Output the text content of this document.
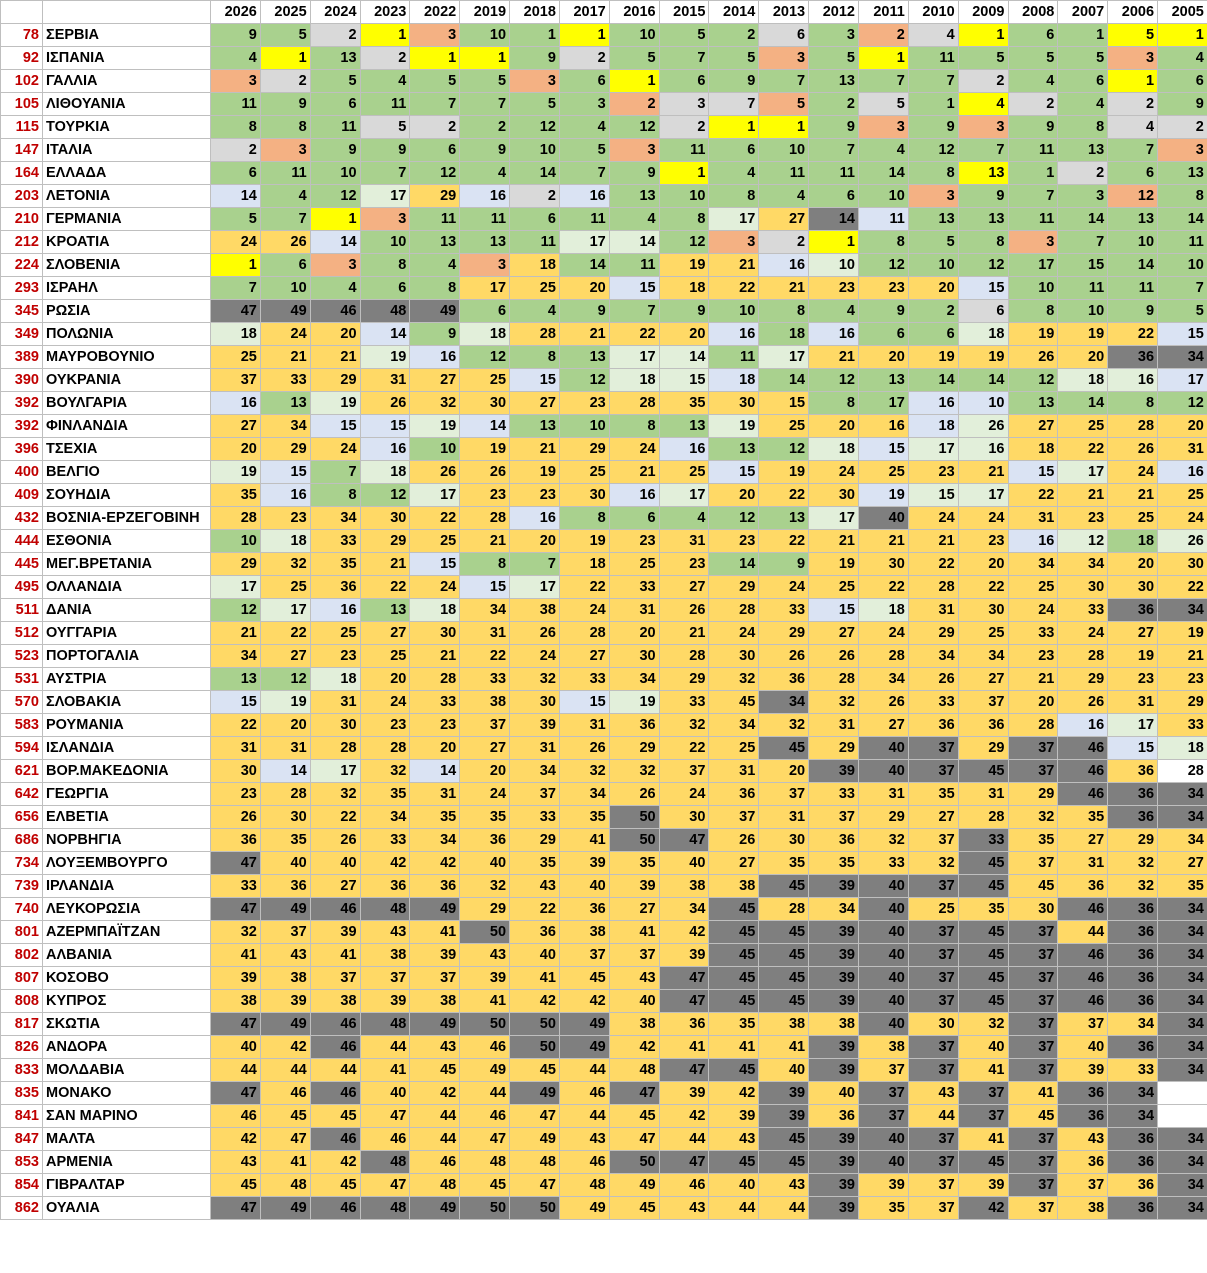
		2026	2025	2024	2023	2022	2019	2018	2017	2016	2015	2014	2013	2012	2011	2010	2009	2008	2007	2006	2005
78	ΣΕΡΒΙΑ	9	5	2	1	3	10	1	1	10	5	2	6	3	2	4	1	6	1	5	1
92	ΙΣΠΑΝΙΑ	4	1	13	2	1	1	9	2	5	7	5	3	5	1	11	5	5	5	3	4
102	ΓΑΛΛΙΑ	3	2	5	4	5	5	3	6	1	6	9	7	13	7	7	2	4	6	1	6
105	ΛΙΘΟΥΑΝΙΑ	11	9	6	11	7	7	5	3	2	3	7	5	2	5	1	4	2	4	2	9
115	ΤΟΥΡΚΙΑ	8	8	11	5	2	2	12	4	12	2	1	1	9	3	9	3	9	8	4	2
147	ΙΤΑΛΙΑ	2	3	9	9	6	9	10	5	3	11	6	10	7	4	12	7	11	13	7	3
164	ΕΛΛΑΔΑ	6	11	10	7	12	4	14	7	9	1	4	11	11	14	8	13	1	2	6	13
203	ΛΕΤΟΝΙΑ	14	4	12	17	29	16	2	16	13	10	8	4	6	10	3	9	7	3	12	8
210	ΓΕΡΜΑΝΙΑ	5	7	1	3	11	11	6	11	4	8	17	27	14	11	13	13	11	14	13	14
212	ΚΡΟΑΤΙΑ	24	26	14	10	13	13	11	17	14	12	3	2	1	8	5	8	3	7	10	11
224	ΣΛΟΒΕΝΙΑ	1	6	3	8	4	3	18	14	11	19	21	16	10	12	10	12	17	15	14	10
293	ΙΣΡΑΗΛ	7	10	4	6	8	17	25	20	15	18	22	21	23	23	20	15	10	11	11	7
345	ΡΩΣΙΑ	47	49	46	48	49	6	4	9	7	9	10	8	4	9	2	6	8	10	9	5
349	ΠΟΛΩΝΙΑ	18	24	20	14	9	18	28	21	22	20	16	18	16	6	6	18	19	19	22	15
389	ΜΑΥΡΟΒΟΥΝΙΟ	25	21	21	19	16	12	8	13	17	14	11	17	21	20	19	19	26	20	36	34
390	ΟΥΚΡΑΝΙΑ	37	33	29	31	27	25	15	12	18	15	18	14	12	13	14	14	12	18	16	17
392	ΒΟΥΛΓΑΡΙΑ	16	13	19	26	32	30	27	23	28	35	30	15	8	17	16	10	13	14	8	12
392	ΦΙΝΛΑΝΔΙΑ	27	34	15	15	19	14	13	10	8	13	19	25	20	16	18	26	27	25	28	20
396	ΤΣΕΧΙΑ	20	29	24	16	10	19	21	29	24	16	13	12	18	15	17	16	18	22	26	31
400	ΒΕΛΓΙΟ	19	15	7	18	26	26	19	25	21	25	15	19	24	25	23	21	15	17	24	16
409	ΣΟΥΗΔΙΑ	35	16	8	12	17	23	23	30	16	17	20	22	30	19	15	17	22	21	21	25
432	ΒΟΣΝΙΑ-ΕΡΖΕΓΟΒΙΝΗ	28	23	34	30	22	28	16	8	6	4	12	13	17	40	24	24	31	23	25	24
444	ΕΣΘΟΝΙΑ	10	18	33	29	25	21	20	19	23	31	23	22	21	21	21	23	16	12	18	26
445	ΜΕΓ.ΒΡΕΤΑΝΙΑ	29	32	35	21	15	8	7	18	25	23	14	9	19	30	22	20	34	34	20	30
495	ΟΛΛΑΝΔΙΑ	17	25	36	22	24	15	17	22	33	27	29	24	25	22	28	22	25	30	30	22
511	ΔΑΝΙΑ	12	17	16	13	18	34	38	24	31	26	28	33	15	18	31	30	24	33	36	34
512	ΟΥΓΓΑΡΙΑ	21	22	25	27	30	31	26	28	20	21	24	29	27	24	29	25	33	24	27	19
523	ΠΟΡΤΟΓΑΛΙΑ	34	27	23	25	21	22	24	27	30	28	30	26	26	28	34	34	23	28	19	21
531	ΑΥΣΤΡΙΑ	13	12	18	20	28	33	32	33	34	29	32	36	28	34	26	27	21	29	23	23
570	ΣΛΟΒΑΚΙΑ	15	19	31	24	33	38	30	15	19	33	45	34	32	26	33	37	20	26	31	29
583	ΡΟΥΜΑΝΙΑ	22	20	30	23	23	37	39	31	36	32	34	32	31	27	36	36	28	16	17	33
594	ΙΣΛΑΝΔΙΑ	31	31	28	28	20	27	31	26	29	22	25	45	29	40	37	29	37	46	15	18
621	ΒΟΡ.ΜΑΚΕΔΟΝΙΑ	30	14	17	32	14	20	34	32	32	37	31	20	39	40	37	45	37	46	36	28
642	ΓΕΩΡΓΙΑ	23	28	32	35	31	24	37	34	26	24	36	37	33	31	35	31	29	46	36	34
656	ΕΛΒΕΤΙΑ	26	30	22	34	35	35	33	35	50	30	37	31	37	29	27	28	32	35	36	34
686	ΝΟΡΒΗΓΙΑ	36	35	26	33	34	36	29	41	50	47	26	30	36	32	37	33	35	27	29	34
734	ΛΟΥΞΕΜΒΟΥΡΓΟ	47	40	40	42	42	40	35	39	35	40	27	35	35	33	32	45	37	31	32	27
739	ΙΡΛΑΝΔΙΑ	33	36	27	36	36	32	43	40	39	38	38	45	39	40	37	45	45	36	32	35
740	ΛΕΥΚΟΡΩΣΙΑ	47	49	46	48	49	29	22	36	27	34	45	28	34	40	25	35	30	46	36	34
801	ΑΖΕΡΜΠΑΪΤΖΑΝ	32	37	39	43	41	50	36	38	41	42	45	45	39	40	37	45	37	44	36	34
802	ΑΛΒΑΝΙΑ	41	43	41	38	39	43	40	37	37	39	45	45	39	40	37	45	37	46	36	34
807	ΚΟΣΟΒΟ	39	38	37	37	37	39	41	45	43	47	45	45	39	40	37	45	37	46	36	34
808	ΚΥΠΡΟΣ	38	39	38	39	38	41	42	42	40	47	45	45	39	40	37	45	37	46	36	34
817	ΣΚΩΤΙΑ	47	49	46	48	49	50	50	49	38	36	35	38	38	40	30	32	37	37	34	34
826	ΑΝΔΟΡΑ	40	42	46	44	43	46	50	49	42	41	41	41	39	38	37	40	37	40	36	34
833	ΜΟΛΔΑΒΙΑ	44	44	44	41	45	49	45	44	48	47	45	40	39	37	37	41	37	39	33	34
835	ΜΟΝΑΚΟ	47	46	46	40	42	44	49	46	47	39	42	39	40	37	43	37	41	36	34	
841	ΣΑΝ ΜΑΡΙΝΟ	46	45	45	47	44	46	47	44	45	42	39	39	36	37	44	37	45	36	34	
847	ΜΑΛΤΑ	42	47	46	46	44	47	49	43	47	44	43	45	39	40	37	41	37	43	36	34
853	ΑΡΜΕΝΙΑ	43	41	42	48	46	48	48	46	50	47	45	45	39	40	37	45	37	36	36	34
854	ΓΙΒΡΑΛΤΑΡ	45	48	45	47	48	45	47	48	49	46	40	43	39	39	37	39	37	37	36	34
862	ΟΥΑΛΙΑ	47	49	46	48	49	50	50	49	45	43	44	44	39	35	37	42	37	38	36	34
